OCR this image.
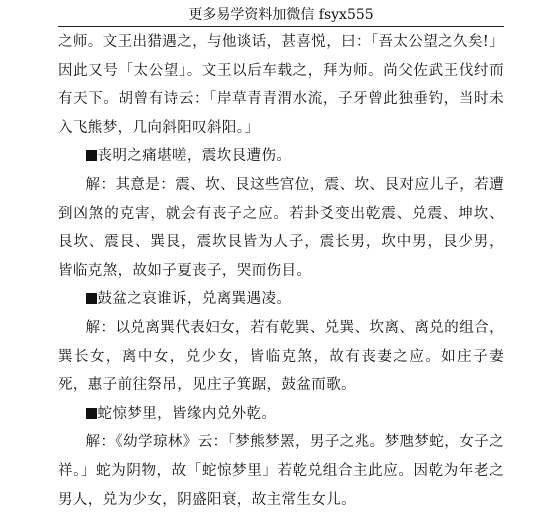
更多易学资料加微信 fsyx555

之师。文王出猎遇之，与他谈话，甚喜悦，曰：「吾太公望之久矣!」因此又号「太公望」。文王以后车载之，拜为师。尚父佐武王伐纣而有天下。胡曾有诗云：「岸草青青渭水流，子牙曾此独垂钓，当时未入飞熊梦，几向斜阳叹斜阳。」

丧明之痛堪嗟，震坎艮遭伤。

解：其意是：震、坎、艮这些宫位，震、坎、艮对应儿子，若遭到凶煞的克害，就会有丧子之应。若卦爻变出乾震、兑震、坤坎、艮坎、震艮、巽艮，震坎艮皆为人子，震长男，坎中男，艮少男，皆临克煞，故如子夏丧子，哭而伤目。

鼓盆之哀谁诉，兑离巽遇凌。

解：以兑离巽代表妇女，若有乾巽、兑巽、坎离、离兑的组合，巽长女，离中女，兑少女，皆临克煞，故有丧妻之应。如庄子妻死，惠子前往祭吊，见庄子箕踞，鼓盆而歌。

蛇惊梦里，皆缘内兑外乾。

解：《幼学琼林》云：「梦熊梦罴，男子之兆。梦虺梦蛇，女子之祥。」蛇为阴物，故「蛇惊梦里」若乾兑组合主此应。因乾为年老之男人，兑为少女，阴盛阳衰，故主常生女儿。
